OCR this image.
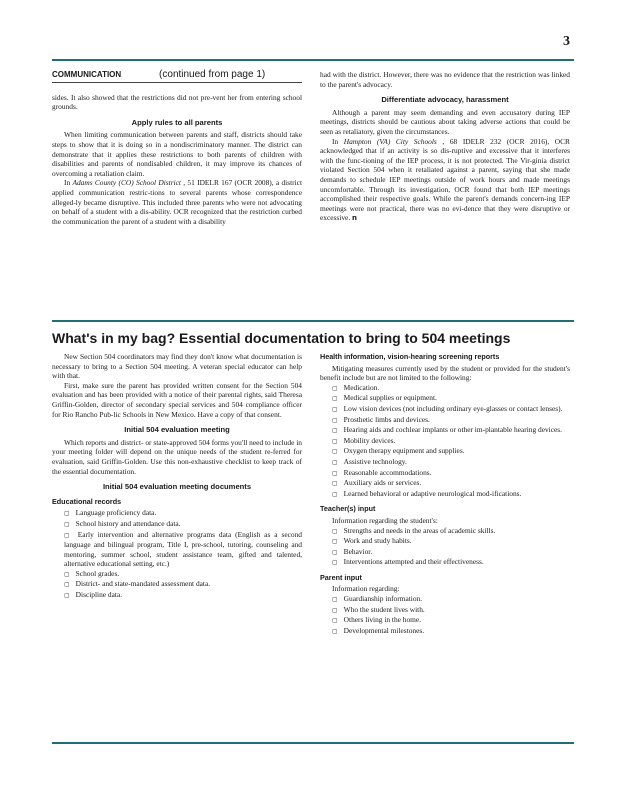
3
COMMUNICATION	(continued from page 1)

sides. It also showed that the restrictions did not pre-vent her from entering school grounds.

Apply rules to all parents

When limiting communication between parents and staff, districts should take steps to show that it is doing so in a nondiscriminatory manner. The district can demonstrate that it applies these restrictions to both parents of children with disabilities and parents of nondisabled children, it may improve its chances of overcoming a retaliation claim.

In Adams County (CO) School District , 51 IDELR 167 (OCR 2008), a district applied communication restric-tions to several parents whose correspondence alleged-ly became disruptive. This included three parents who were not advocating on behalf of a student with a dis-ability. OCR recognized that the restriction curbed the communication the parent of a student with a disability

had with the district. However, there was no evidence that the restriction was linked to the parent's advocacy.

Differentiate advocacy, harassment

Although a parent may seem demanding and even accusatory during IEP meetings, districts should be cautious about taking adverse actions that could be seen as retaliatory, given the circumstances.

In Hampton (VA) City Schools , 68 IDELR 232 (OCR 2016), OCR acknowledged that if an activity is so dis-ruptive and excessive that it interferes with the func-tioning of the IEP process, it is not protected. The Vir-ginia district violated Section 504 when it retaliated against a parent, saying that she made demands to schedule IEP meetings outside of work hours and made meetings uncomfortable. Through its investigation, OCR found that both IEP meetings accomplished their respective goals. While the parent's demands concern-ing IEP meetings were not practical, there was no evi-dence that they were disruptive or excessive. n

What's in my bag? Essential documentation to bring to 504 meetings

New Section 504 coordinators may find they don't know what documentation is necessary to bring to a Section 504 meeting. A veteran special educator can help with that.

First, make sure the parent has provided written consent for the Section 504 evaluation and has been provided with a notice of their parental rights, said Theresa Griffin-Golden, director of secondary special services and 504 compliance officer for Rio Rancho Pub-lic Schools in New Mexico. Have a copy of that consent.

Initial 504 evaluation meeting

Which reports and district- or state-approved 504 forms you'll need to include in your meeting folder will depend on the unique needs of the student re-ferred for evaluation, said Griffin-Golden. Use this non-exhaustive checklist to keep track of the essential documentation.

Initial 504 evaluation meeting documents
Educational records
▢ Language proficiency data.
▢ School history and attendance data.
▢ Early intervention and alternative programs data (English as a second language and bilingual program, Title I, pre-school, tutoring, counseling and mentoring, summer school, student assistance team, gifted and talented, alternative educational setting, etc.)
▢ School grades.
▢ District- and state-mandated assessment data.
▢ Discipline data.
Health information, vision-hearing screening reports

Mitigating measures currently used by the student or provided for the student's benefit include but are not limited to the following:

▢ Medication.
▢ Medical supplies or equipment.
▢ Low vision devices (not including ordinary eye-glasses or contact lenses).
▢ Prosthetic limbs and devices.
▢ Hearing aids and cochlear implants or other im-plantable hearing devices.
▢ Mobility devices.
▢ Oxygen therapy equipment and supplies.
▢ Assistive technology.
▢ Reasonable accommodations.
▢ Auxiliary aids or services.
▢ Learned behavioral or adaptive neurological mod-ifications.
Teacher(s) input

Information regarding the student's:

▢ Strengths and needs in the areas of academic skills.
▢ Work and study habits.
▢ Behavior.
▢ Interventions attempted and their effectiveness.
Parent input

Information regarding:

▢ Guardianship information.
▢ Who the student lives with.
▢ Others living in the home.
▢ Developmental milestones.
